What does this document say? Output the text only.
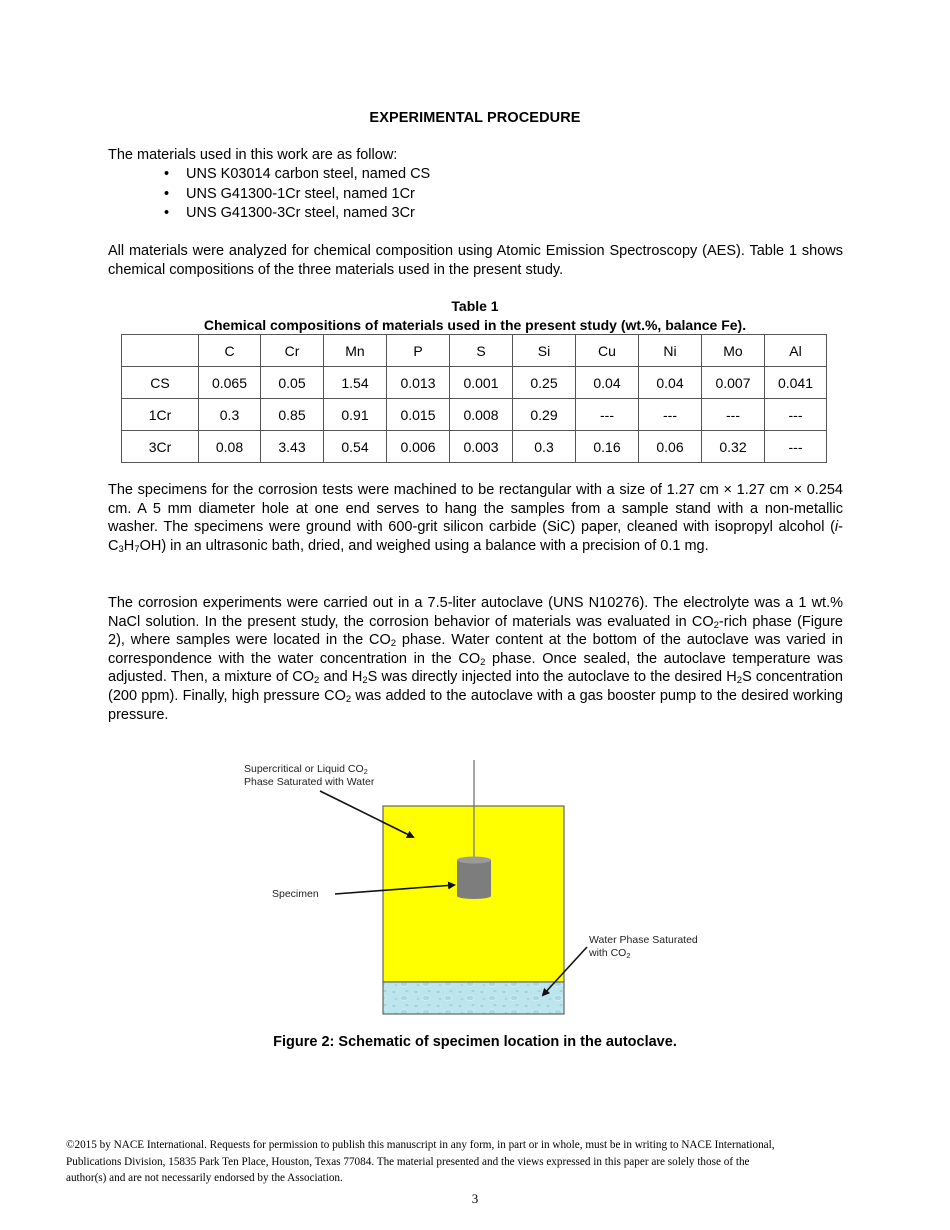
EXPERIMENTAL PROCEDURE
The materials used in this work are as follow:
• UNS K03014 carbon steel, named CS
• UNS G41300-1Cr steel, named 1Cr
• UNS G41300-3Cr steel, named 3Cr
All materials were analyzed for chemical composition using Atomic Emission Spectroscopy (AES). Table 1 shows chemical compositions of the three materials used in the present study.
Table 1
Chemical compositions of materials used in the present study (wt.%, balance Fe).
	C	Cr	Mn	P	S	Si	Cu	Ni	Mo	Al
CS	0.065	0.05	1.54	0.013	0.001	0.25	0.04	0.04	0.007	0.041
1Cr	0.3	0.85	0.91	0.015	0.008	0.29	---	---	---	---
3Cr	0.08	3.43	0.54	0.006	0.003	0.3	0.16	0.06	0.32	---
The specimens for the corrosion tests were machined to be rectangular with a size of 1.27 cm × 1.27 cm × 0.254 cm. A 5 mm diameter hole at one end serves to hang the samples from a sample stand with a non-metallic washer. The specimens were ground with 600-grit silicon carbide (SiC) paper, cleaned with isopropyl alcohol $(i-C_3H_7OH)$ in an ultrasonic bath, dried, and weighed using a balance with a precision of 0.1 mg.
The corrosion experiments were carried out in a 7.5-liter autoclave (UNS N10276). The electrolyte was a 1 wt.% NaCl solution. In the present study, the corrosion behavior of materials was evaluated in $CO_2$-rich phase (Figure 2), where samples were located in the $CO_2$ phase. Water content at the bottom of the autoclave was varied in correspondence with the water concentration in the $CO_2$ phase. Once sealed, the autoclave temperature was adjusted. Then, a mixture of $CO_2$ and $H_2S$ was directly injected into the autoclave to the desired $H_2S$ concentration (200 ppm). Finally, high pressure $CO_2$ was added to the autoclave with a gas booster pump to the desired working pressure.
Supercritical or Liquid $CO_2$
Phase Saturated with Water
Specimen
Water Phase Saturated
with $CO_2$
Figure 2: Schematic of specimen location in the autoclave.
©2015 by NACE International. Requests for permission to publish this manuscript in any form, in part or in whole, must be in writing to NACE International, Publications Division, 15835 Park Ten Place, Houston, Texas 77084. The material presented and the views expressed in this paper are solely those of the author(s) and are not necessarily endorsed by the Association.
3
